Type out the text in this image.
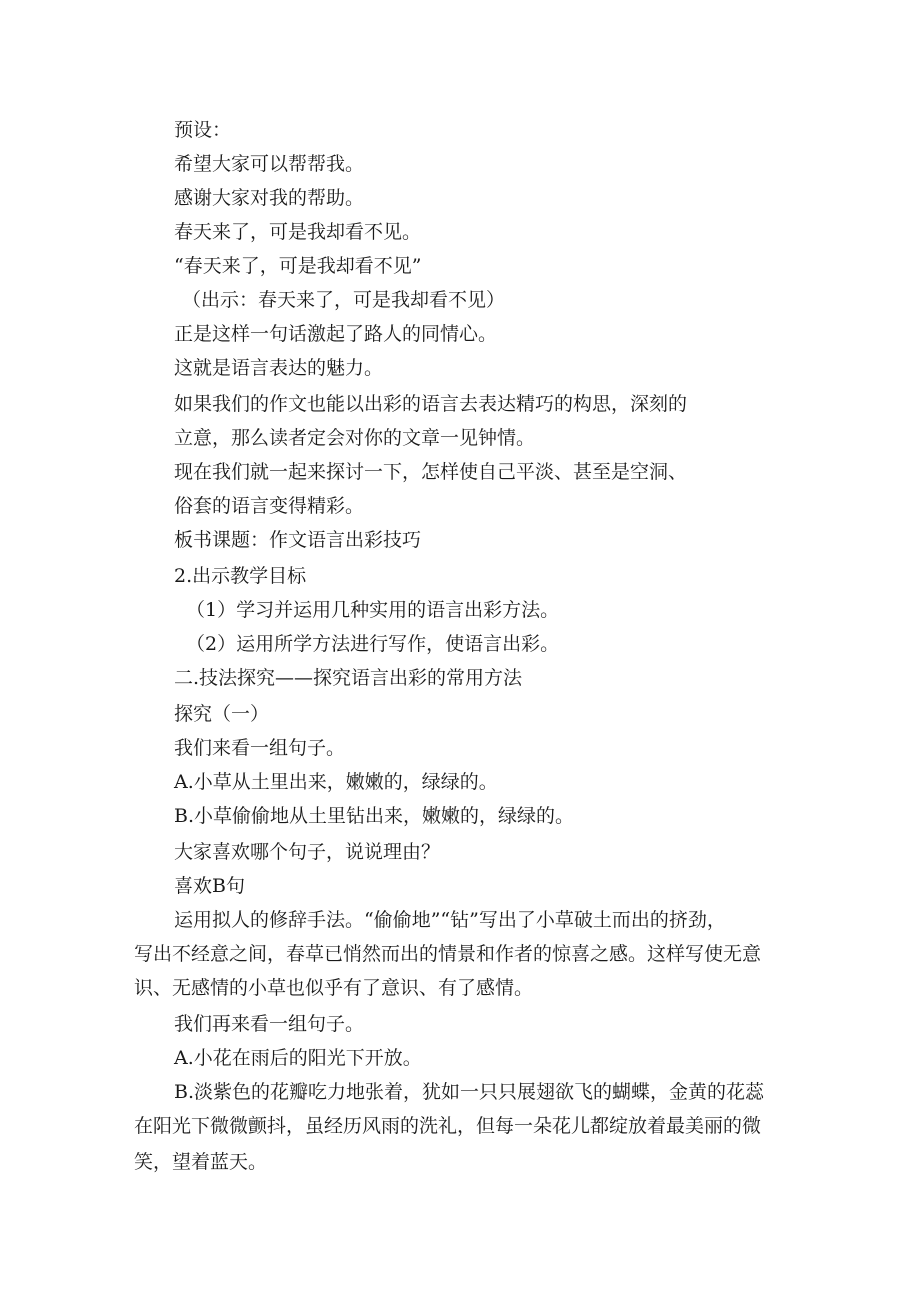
预设：
希望大家可以帮帮我。
感谢大家对我的帮助。
春天来了，可是我却看不见。
“春天来了，可是我却看不见”
（出示：春天来了，可是我却看不见）
正是这样一句话激起了路人的同情心。
这就是语言表达的魅力。
如果我们的作文也能以出彩的语言去表达精巧的构思，深刻的
立意，那么读者定会对你的文章一见钟情。
现在我们就一起来探讨一下，怎样使自己平淡、甚至是空洞、
俗套的语言变得精彩。
板书课题：作文语言出彩技巧
2.出示教学目标
（1）学习并运用几种实用的语言出彩方法。
（2）运用所学方法进行写作，使语言出彩。
二.技法探究——探究语言出彩的常用方法
探究（一）
我们来看一组句子。
A.小草从土里出来，嫩嫩的，绿绿的。
B.小草偷偷地从土里钻出来，嫩嫩的，绿绿的。
大家喜欢哪个句子，说说理由？
喜欢B句
运用拟人的修辞手法。“偷偷地”“钻”写出了小草破土而出的挤劲，
写出不经意之间，春草已悄然而出的情景和作者的惊喜之感。这样写使无意
识、无感情的小草也似乎有了意识、有了感情。
我们再来看一组句子。
A.小花在雨后的阳光下开放。
B.淡紫色的花瓣吃力地张着，犹如一只只展翅欲飞的蝴蝶，金黄的花蕊
在阳光下微微颤抖，虽经历风雨的洗礼，但每一朵花儿都绽放着最美丽的微
笑，望着蓝天。
